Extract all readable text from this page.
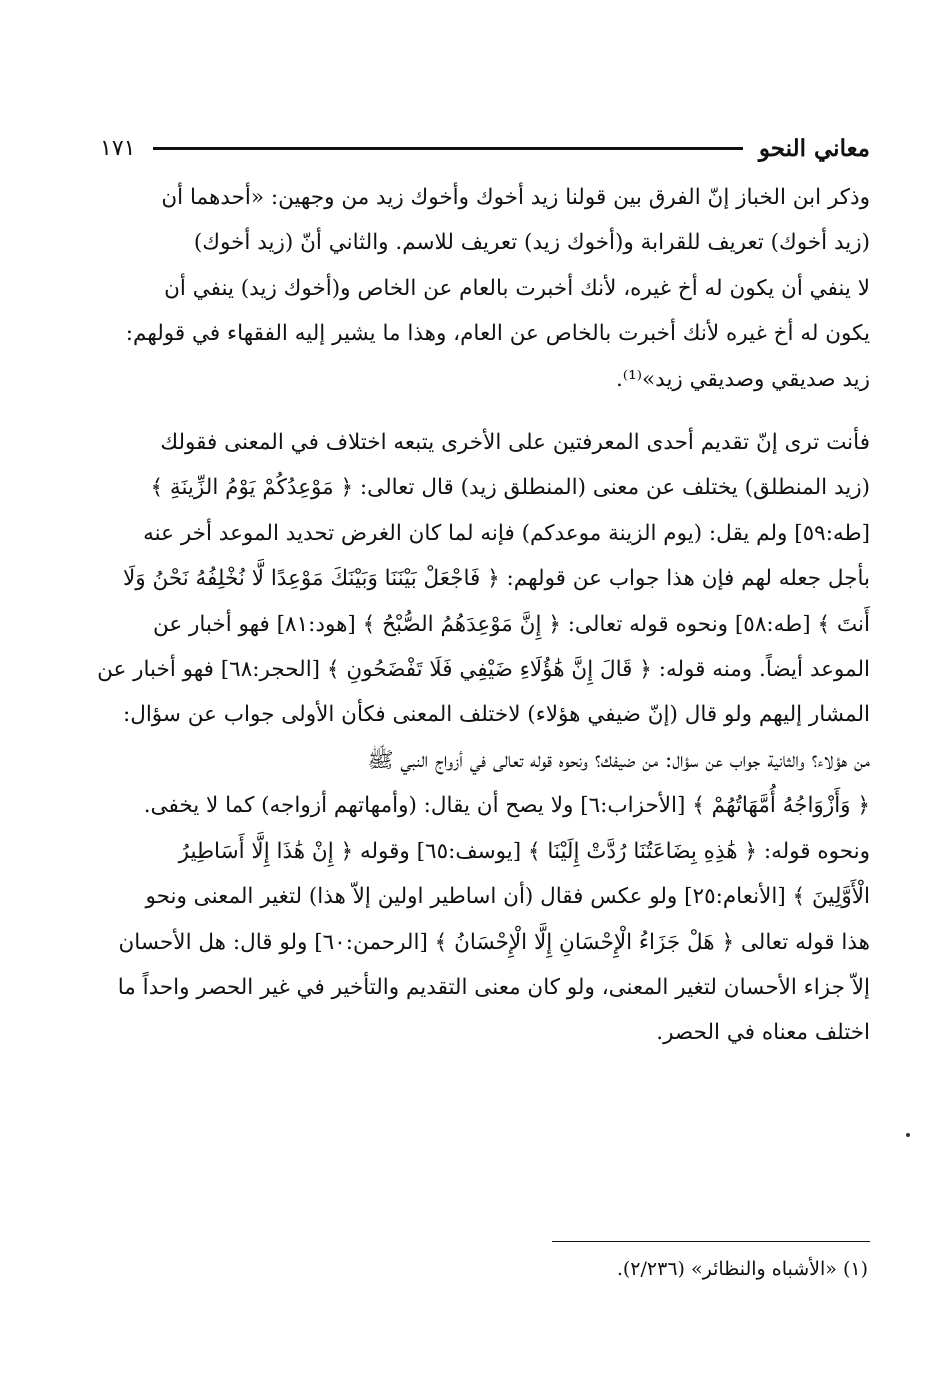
معاني النحو
١٧١

وذكر ابن الخباز إنّ الفرق بين قولنا زيد أخوك وأخوك زيد من وجهين: «أحدهما أن
(زيد أخوك) تعريف للقرابة و(أخوك زيد) تعريف للاسم. والثاني أنّ (زيد أخوك)
لا ينفي أن يكون له أخ غيره، لأنك أخبرت بالعام عن الخاص و(أخوك زيد) ينفي أن
يكون له أخ غيره لأنك أخبرت بالخاص عن العام، وهذا ما يشير إليه الفقهاء في قولهم:
زيد صديقي وصديقي زيد»⁽¹⁾.

فأنت ترى إنّ تقديم أحدى المعرفتين على الأخرى يتبعه اختلاف في المعنى فقولك
(زيد المنطلق) يختلف عن معنى (المنطلق زيد) قال تعالى: ﴿ مَوْعِدُكُمْ يَوْمُ الزِّينَةِ ﴾
[طه:٥٩] ولم يقل: (يوم الزينة موعدكم) فإنه لما كان الغرض تحديد الموعد أخر عنه
بأجل جعله لهم فإن هذا جواب عن قولهم: ﴿ فَاجْعَلْ بَيْنَنَا وَبَيْنَكَ مَوْعِدًا لَّا نُخْلِفُهُ نَحْنُ وَلَا
أَنتَ ﴾ [طه:٥٨] ونحوه قوله تعالى: ﴿ إِنَّ مَوْعِدَهُمُ الصُّبْحُ ﴾ [هود:٨١] فهو أخبار عن
الموعد أيضاً. ومنه قوله: ﴿ قَالَ إِنَّ هَٰؤُلَاءِ ضَيْفِي فَلَا تَفْضَحُونِ ﴾ [الحجر:٦٨] فهو أخبار عن
المشار إليهم ولو قال (إنّ ضيفي هؤلاء) لاختلف المعنى فكأن الأولى جواب عن سؤال:
من هؤلاء؟ والثانية جواب عن سؤال: من ضيفك؟ ونحوه قوله تعالى في أزواج النبي ﷺ
﴿ وَأَزْوَاجُهُ أُمَّهَاتُهُمْ ﴾ [الأحزاب:٦] ولا يصح أن يقال: (وأمهاتهم أزواجه) كما لا يخفى.
ونحوه قوله: ﴿ هَٰذِهِ بِضَاعَتُنَا رُدَّتْ إِلَيْنَا ﴾ [يوسف:٦٥] وقوله ﴿ إِنْ هَٰذَا إِلَّا أَسَاطِيرُ
الْأَوَّلِينَ ﴾ [الأنعام:٢٥] ولو عكس فقال (أن اساطير اولين إلاّ هذا) لتغير المعنى ونحو
هذا قوله تعالى ﴿ هَلْ جَزَاءُ الْإِحْسَانِ إِلَّا الْإِحْسَانُ ﴾ [الرحمن:٦٠] ولو قال: هل الأحسان
إلاّ جزاء الأحسان لتغير المعنى، ولو كان معنى التقديم والتأخير في غير الحصر واحداً ما
اختلف معناه في الحصر.

(١) «الأشباه والنظائر» (٢/٢٣٦).
